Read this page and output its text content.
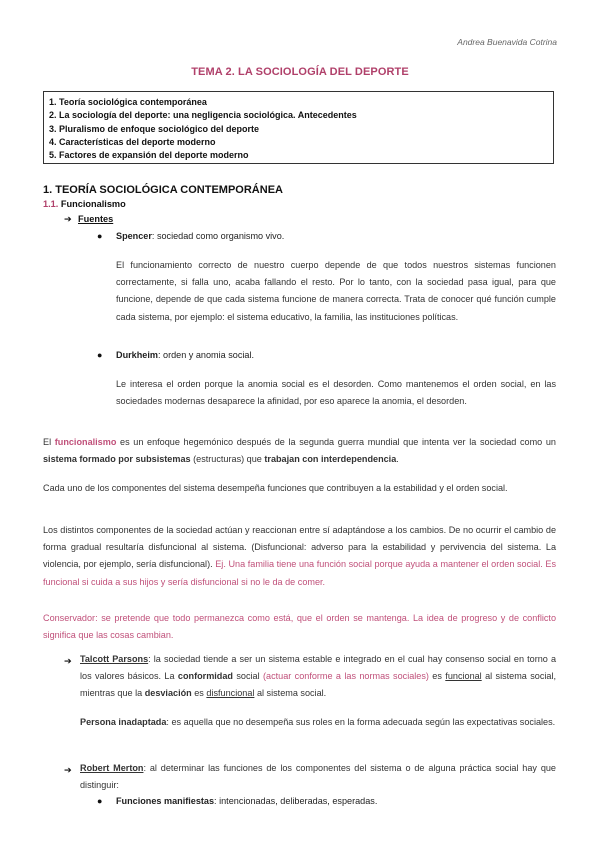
Andrea Buenavida Cotrina
TEMA 2. LA SOCIOLOGÍA DEL DEPORTE
1. Teoría sociológica contemporánea
2. La sociología del deporte: una negligencia sociológica. Antecedentes
3. Pluralismo de enfoque sociológico del deporte
4. Características del deporte moderno
5. Factores de expansión del deporte moderno
1. TEORÍA SOCIOLÓGICA CONTEMPORÁNEA
1.1. Funcionalismo
➔ Fuentes
● Spencer: sociedad como organismo vivo.
El funcionamiento correcto de nuestro cuerpo depende de que todos nuestros sistemas funcionen correctamente, si falla uno, acaba fallando el resto. Por lo tanto, con la sociedad pasa igual, para que funcione, depende de que cada sistema funcione de manera correcta. Trata de conocer qué función cumple cada sistema, por ejemplo: el sistema educativo, la familia, las instituciones políticas.
● Durkheim: orden y anomia social.
Le interesa el orden porque la anomia social es el desorden. Como mantenemos el orden social, en las sociedades modernas desaparece la afinidad, por eso aparece la anomia, el desorden.
El funcionalismo es un enfoque hegemónico después de la segunda guerra mundial que intenta ver la sociedad como un sistema formado por subsistemas (estructuras) que trabajan con interdependencia.
Cada uno de los componentes del sistema desempeña funciones que contribuyen a la estabilidad y el orden social.
Los distintos componentes de la sociedad actúan y reaccionan entre sí adaptándose a los cambios. De no ocurrir el cambio de forma gradual resultaría disfuncional al sistema. (Disfuncional: adverso para la estabilidad y pervivencia del sistema. La violencia, por ejemplo, sería disfuncional). Ej. Una familia tiene una función social porque ayuda a mantener el orden social. Es funcional si cuida a sus hijos y sería disfuncional si no le da de comer.
Conservador: se pretende que todo permanezca como está, que el orden se mantenga. La idea de progreso y de conflicto significa que las cosas cambian.
➔ Talcott Parsons: la sociedad tiende a ser un sistema estable e integrado en el cual hay consenso social en torno a los valores básicos. La conformidad social (actuar conforme a las normas sociales) es funcional al sistema social, mientras que la desviación es disfuncional al sistema social.
Persona inadaptada: es aquella que no desempeña sus roles en la forma adecuada según las expectativas sociales.
➔ Robert Merton: al determinar las funciones de los componentes del sistema o de alguna práctica social hay que distinguir:
● Funciones manifiestas: intencionadas, deliberadas, esperadas.
